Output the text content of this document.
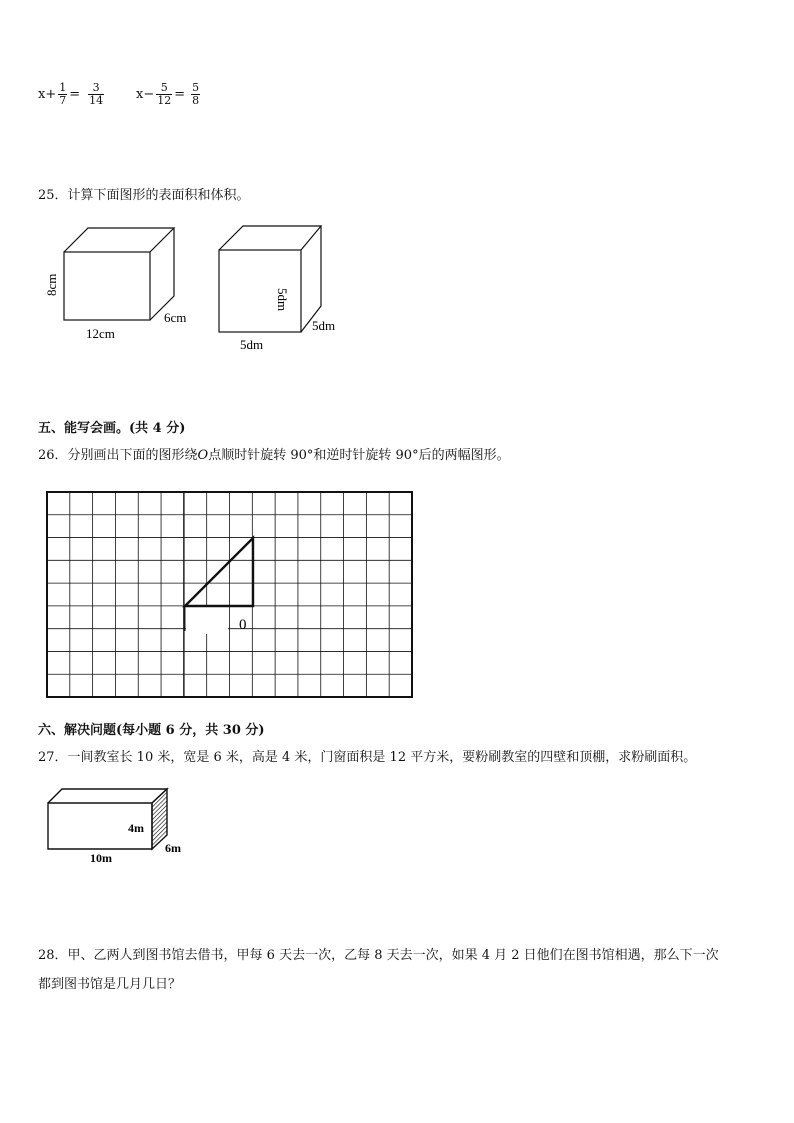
$x + \frac{1}{7} = \frac{3}{14}$ $x - \frac{5}{12} = \frac{5}{8}$
25．计算下面图形的表面积和体积。
8cm
12cm
6cm
5dm
5dm
5dm
五、能写会画。(共 4 分)
26．分别画出下面的图形绕O点顺时针旋转 90°和逆时针旋转 90°后的两幅图形。
0
六、解决问题(每小题 6 分，共 30 分)
27．一间教室长 10 米，宽是 6 米，高是 4 米，门窗面积是 12 平方米，要粉刷教室的四壁和顶棚，求粉刷面积。
4m
10m
6m
28．甲、乙两人到图书馆去借书，甲每 6 天去一次，乙每 8 天去一次，如果 4 月 2 日他们在图书馆相遇，那么下一次
都到图书馆是几月几日？
